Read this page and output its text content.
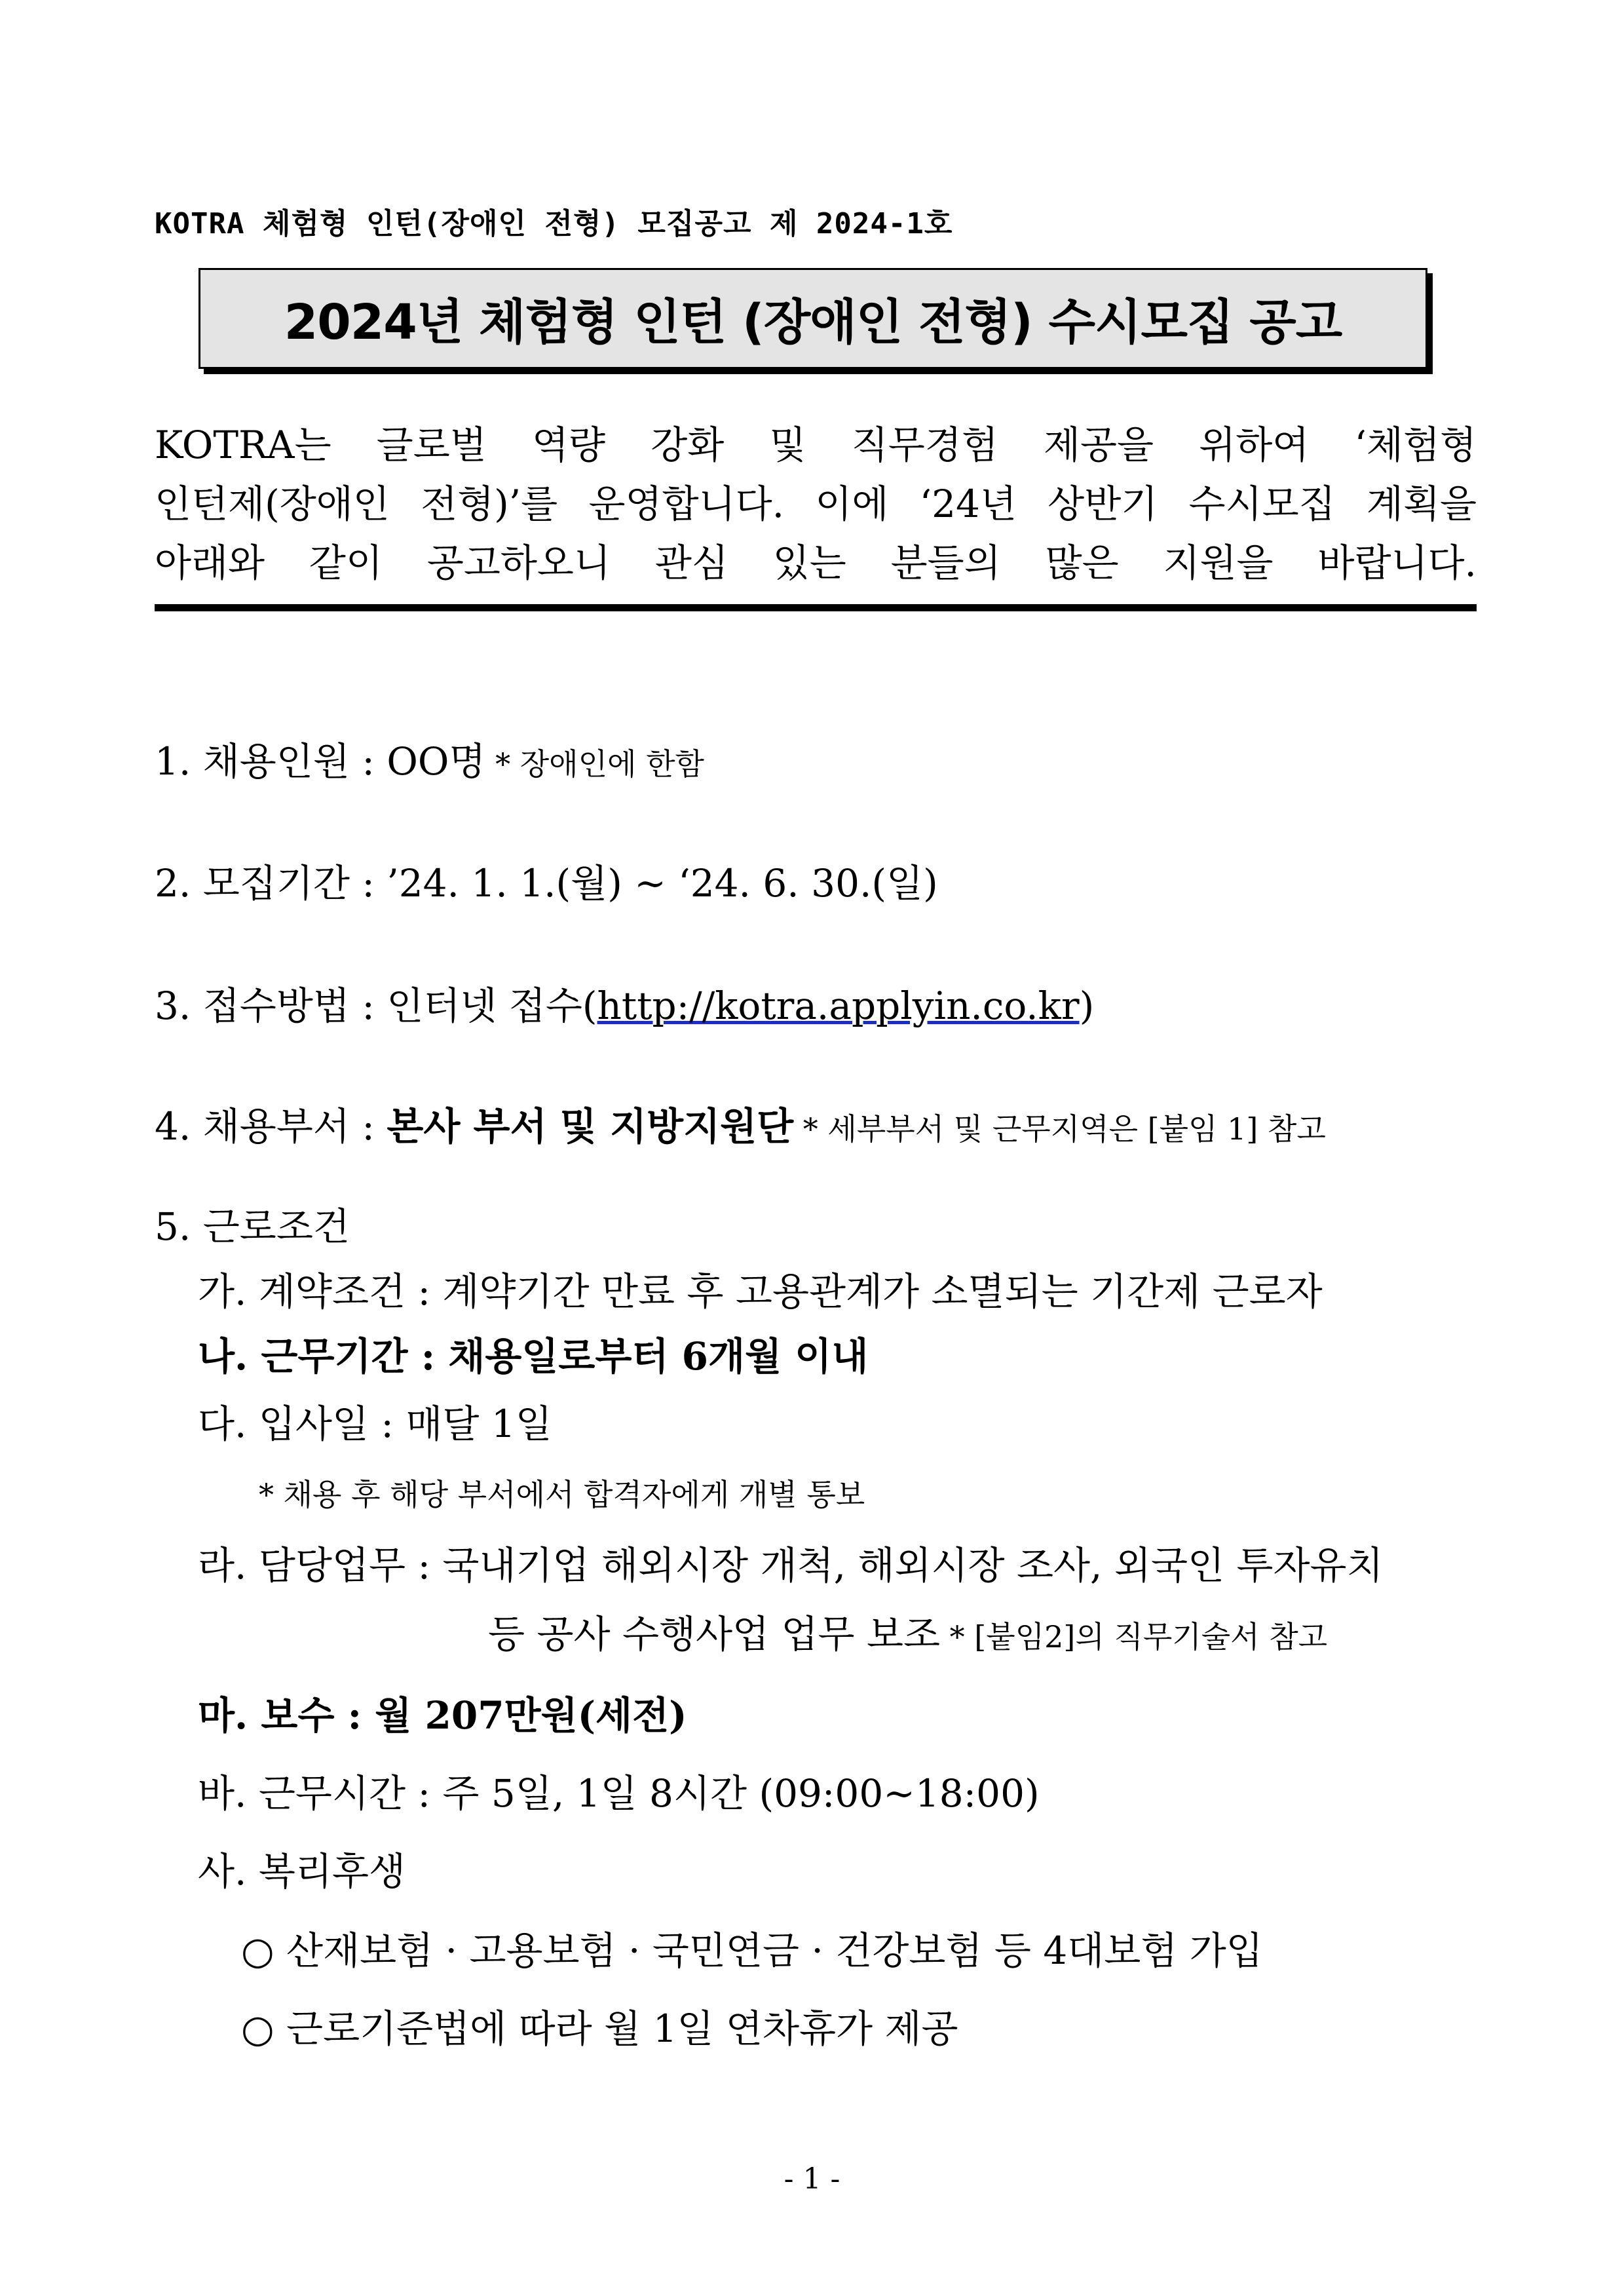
KOTRA 체험형 인턴(장애인 전형) 모집공고 제 2024-1호
2024년 체험형 인턴 (장애인 전형) 수시모집 공고
KOTRA는 글로벌 역량 강화 및 직무경험 제공을 위하여 ‘체험형
인턴제(장애인 전형)’를 운영합니다. 이에 ‘24년 상반기 수시모집 계획을
아래와 같이 공고하오니 관심 있는 분들의 많은 지원을 바랍니다.
1. 채용인원 : OO명 * 장애인에 한함
2. 모집기간 : ’24. 1. 1.(월) ~ ‘24. 6. 30.(일)
3. 접수방법 : 인터넷 접수(http://kotra.applyin.co.kr)
4. 채용부서 : 본사 부서 및 지방지원단 * 세부부서 및 근무지역은 [붙임 1] 참고
5. 근로조건
가. 계약조건 : 계약기간 만료 후 고용관계가 소멸되는 기간제 근로자
나. 근무기간 : 채용일로부터 6개월 이내
다. 입사일 : 매달 1일
* 채용 후 해당 부서에서 합격자에게 개별 통보
라. 담당업무 : 국내기업 해외시장 개척, 해외시장 조사, 외국인 투자유치
등 공사 수행사업 업무 보조 * [붙임2]의 직무기술서 참고
마. 보수 : 월 207만원(세전)
바. 근무시간 : 주 5일, 1일 8시간 (09:00~18:00)
사. 복리후생
○ 산재보험 · 고용보험 · 국민연금 · 건강보험 등 4대보험 가입
○ 근로기준법에 따라 월 1일 연차휴가 제공
- 1 -
